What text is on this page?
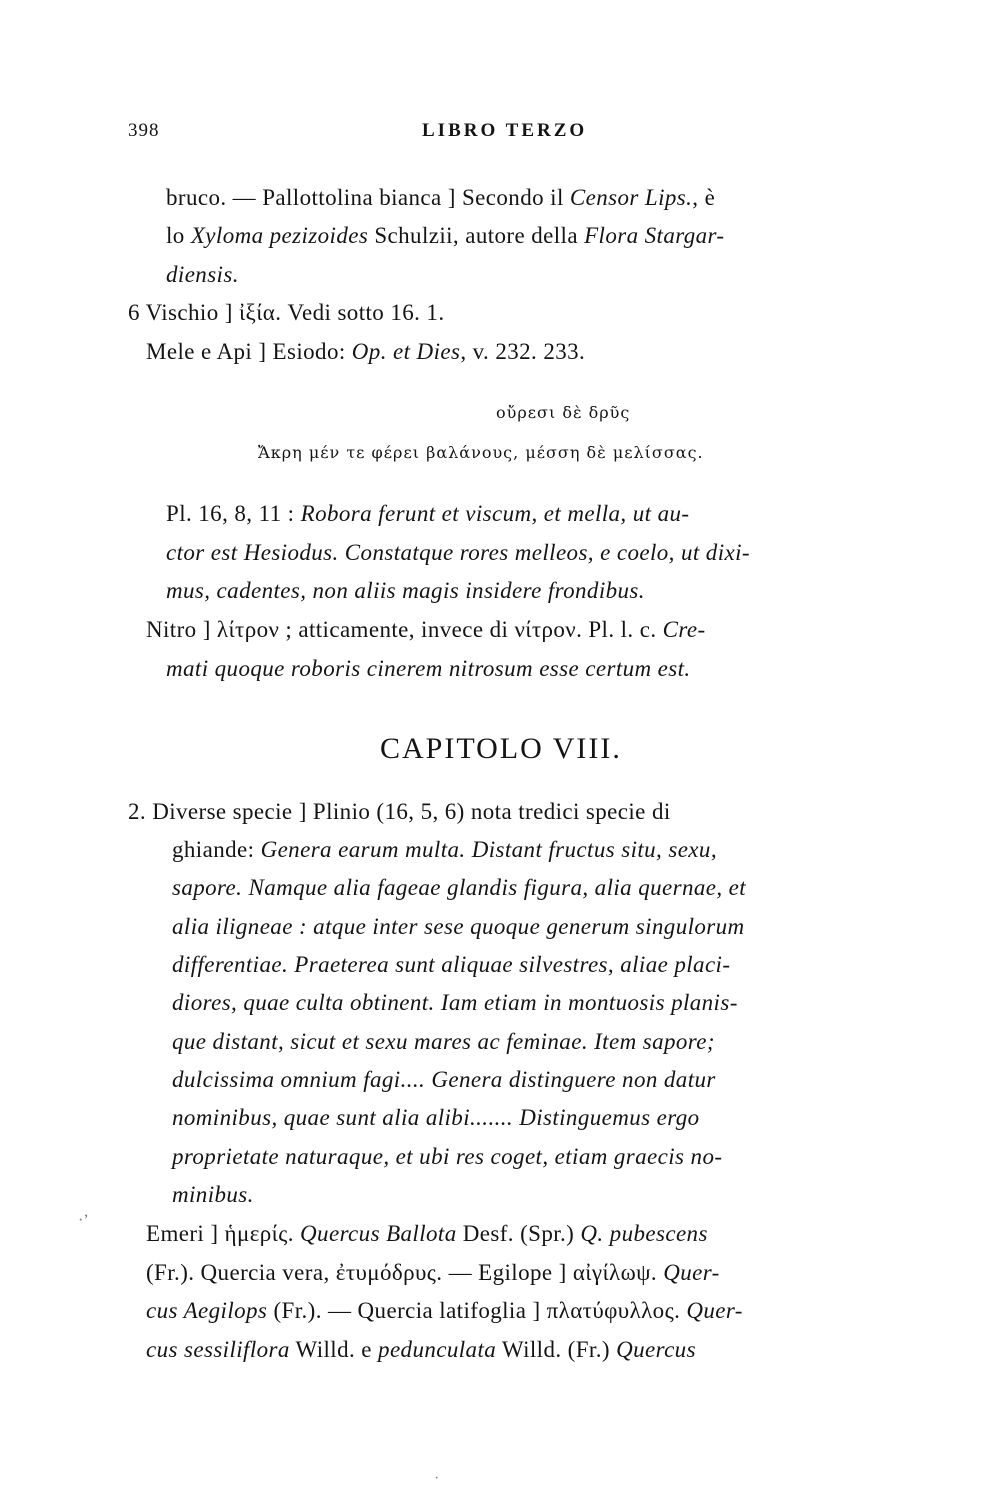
398	LIBRO TERZO
bruco. — Pallottolina bianca ] Secondo il Censor Lips., è
lo Xyloma pezizoides Schulzii, autore della Flora Stargar-
diensis.
6 Vischio ] ἰξία. Vedi sotto 16. 1.
Mele e Api ] Esiodo: Op. et Dies, v. 232. 233.
οὔρεσι δὲ δρῦς
Ἄκρη μέν τε φέρει βαλάνους, μέσση δὲ μελίσσας.
Pl. 16, 8, 11 : Robora ferunt et viscum, et mella, ut au-
ctor est Hesiodus. Constatque rores melleos, e coelo, ut dixi-
mus, cadentes, non aliis magis insidere frondibus.
Nitro ] λίτρον ; atticamente, invece di νίτρον. Pl. l. c. Cre-
mati quoque roboris cinerem nitrosum esse certum est.
CAPITOLO VIII.
2. Diverse specie ] Plinio (16, 5, 6) nota tredici specie di
ghiande: Genera earum multa. Distant fructus situ, sexu,
sapore. Namque alia fageae glandis figura, alia quernae, et
alia iligneae : atque inter sese quoque generum singulorum
differentiae. Praeterea sunt aliquae silvestres, aliae placi-
diores, quae culta obtinent. Iam etiam in montuosis planis-
que distant, sicut et sexu mares ac feminae. Item sapore;
dulcissima omnium fagi.... Genera distinguere non datur
nominibus, quae sunt alia alibi....... Distinguemus ergo
proprietate naturaque, et ubi res coget, etiam graecis no-
minibus.
·’
Emeri ] ἡμερίς. Quercus Ballota Desf. (Spr.) Q. pubescens
(Fr.). Quercia vera, ἐτυμόδρυς. — Egilope ] αἰγίλωψ. Quer-
cus Aegilops (Fr.). — Quercia latifoglia ] πλατύφυλλος. Quer-
cus sessiliflora Willd. e pedunculata Willd. (Fr.) Quercus
·
